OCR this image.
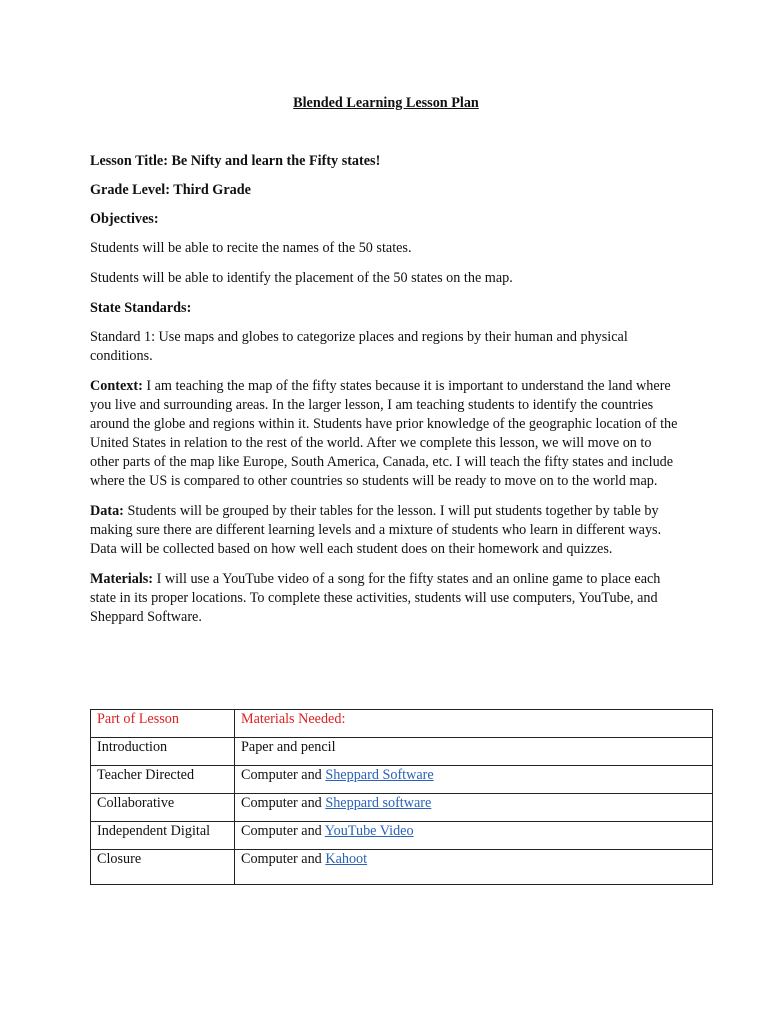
Blended Learning Lesson Plan

Lesson Title: Be Nifty and learn the Fifty states!

Grade Level: Third Grade

Objectives:

Students will be able to recite the names of the 50 states.

Students will be able to identify the placement of the 50 states on the map.

State Standards:

Standard 1: Use maps and globes to categorize places and regions by their human and physical conditions.

Context: I am teaching the map of the fifty states because it is important to understand the land where you live and surrounding areas. In the larger lesson, I am teaching students to identify the countries around the globe and regions within it. Students have prior knowledge of the geographic location of the United States in relation to the rest of the world. After we complete this lesson, we will move on to other parts of the map like Europe, South America, Canada, etc. I will teach the fifty states and include where the US is compared to other countries so students will be ready to move on to the world map.

Data: Students will be grouped by their tables for the lesson. I will put students together by table by making sure there are different learning levels and a mixture of students who learn in different ways. Data will be collected based on how well each student does on their homework and quizzes.

Materials: I will use a YouTube video of a song for the fifty states and an online game to place each state in its proper locations. To complete these activities, students will use computers, YouTube, and Sheppard Software.

Part of Lesson	Materials Needed:
Introduction	Paper and pencil
Teacher Directed	Computer and Sheppard Software
Collaborative	Computer and Sheppard software
Independent Digital	Computer and YouTube Video
Closure	Computer and Kahoot
